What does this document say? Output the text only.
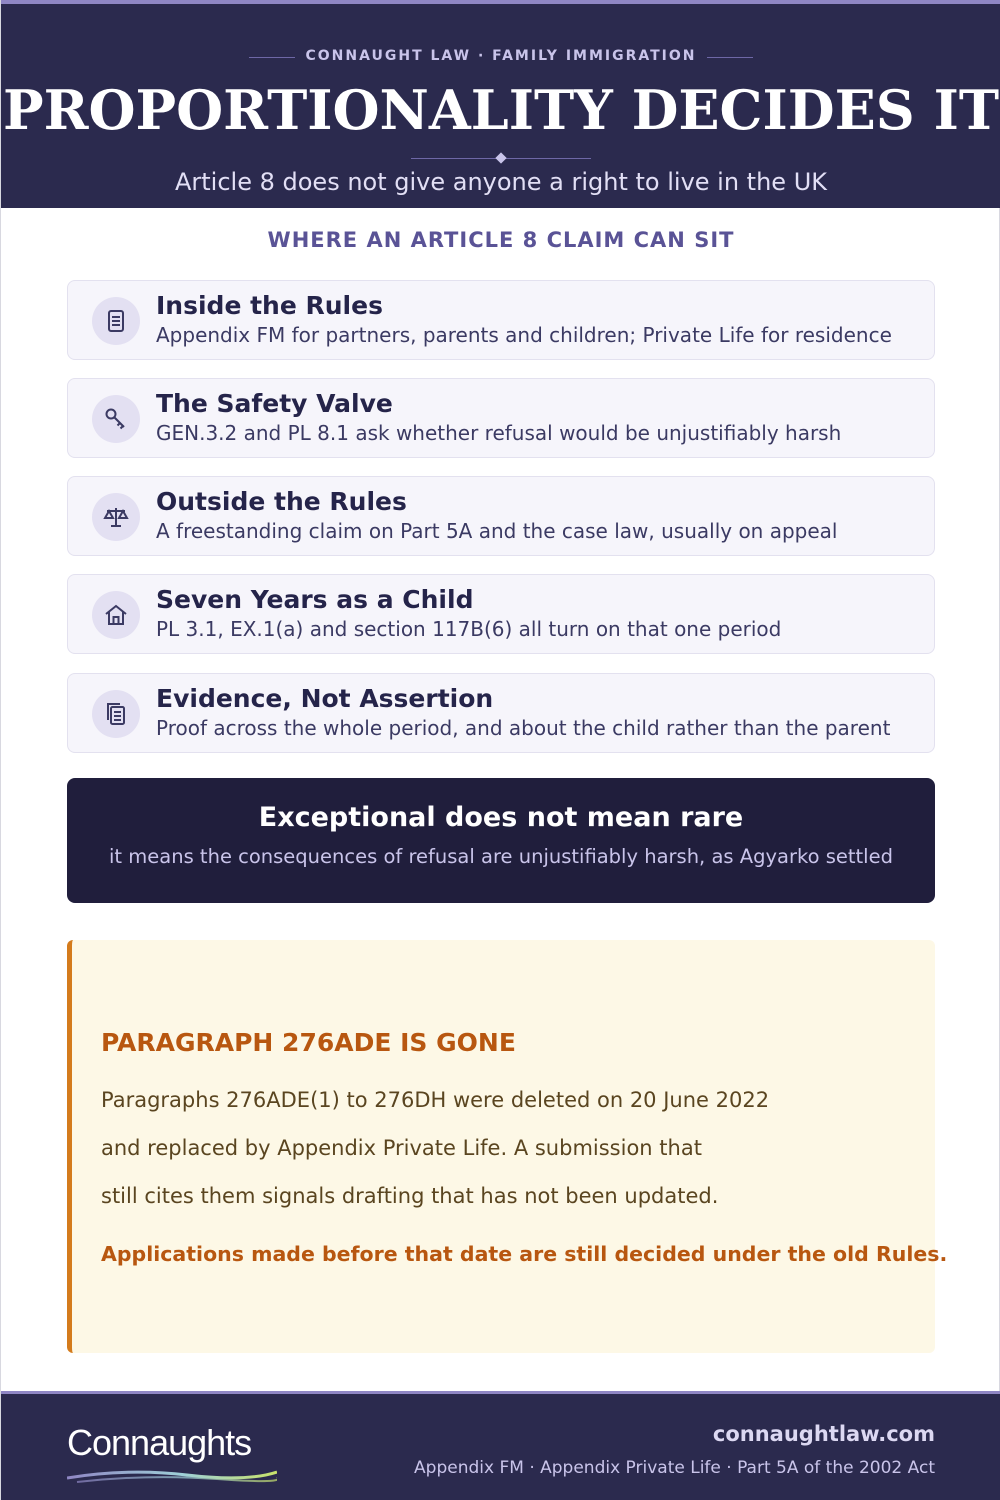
CONNAUGHT LAW · FAMILY IMMIGRATION
PROPORTIONALITY DECIDES IT
Article 8 does not give anyone a right to live in the UK
WHERE AN ARTICLE 8 CLAIM CAN SIT
Inside the Rules
Appendix FM for partners, parents and children; Private Life for residence
The Safety Valve
GEN.3.2 and PL 8.1 ask whether refusal would be unjustifiably harsh
Outside the Rules
A freestanding claim on Part 5A and the case law, usually on appeal
Seven Years as a Child
PL 3.1, EX.1(a) and section 117B(6) all turn on that one period
Evidence, Not Assertion
Proof across the whole period, and about the child rather than the parent
Exceptional does not mean rare
it means the consequences of refusal are unjustifiably harsh, as Agyarko settled
PARAGRAPH 276ADE IS GONE
Paragraphs 276ADE(1) to 276DH were deleted on 20 June 2022
and replaced by Appendix Private Life. A submission that
still cites them signals drafting that has not been updated.
Applications made before that date are still decided under the old Rules.
Connaughts	connaughtlaw.com
Appendix FM · Appendix Private Life · Part 5A of the 2002 Act
